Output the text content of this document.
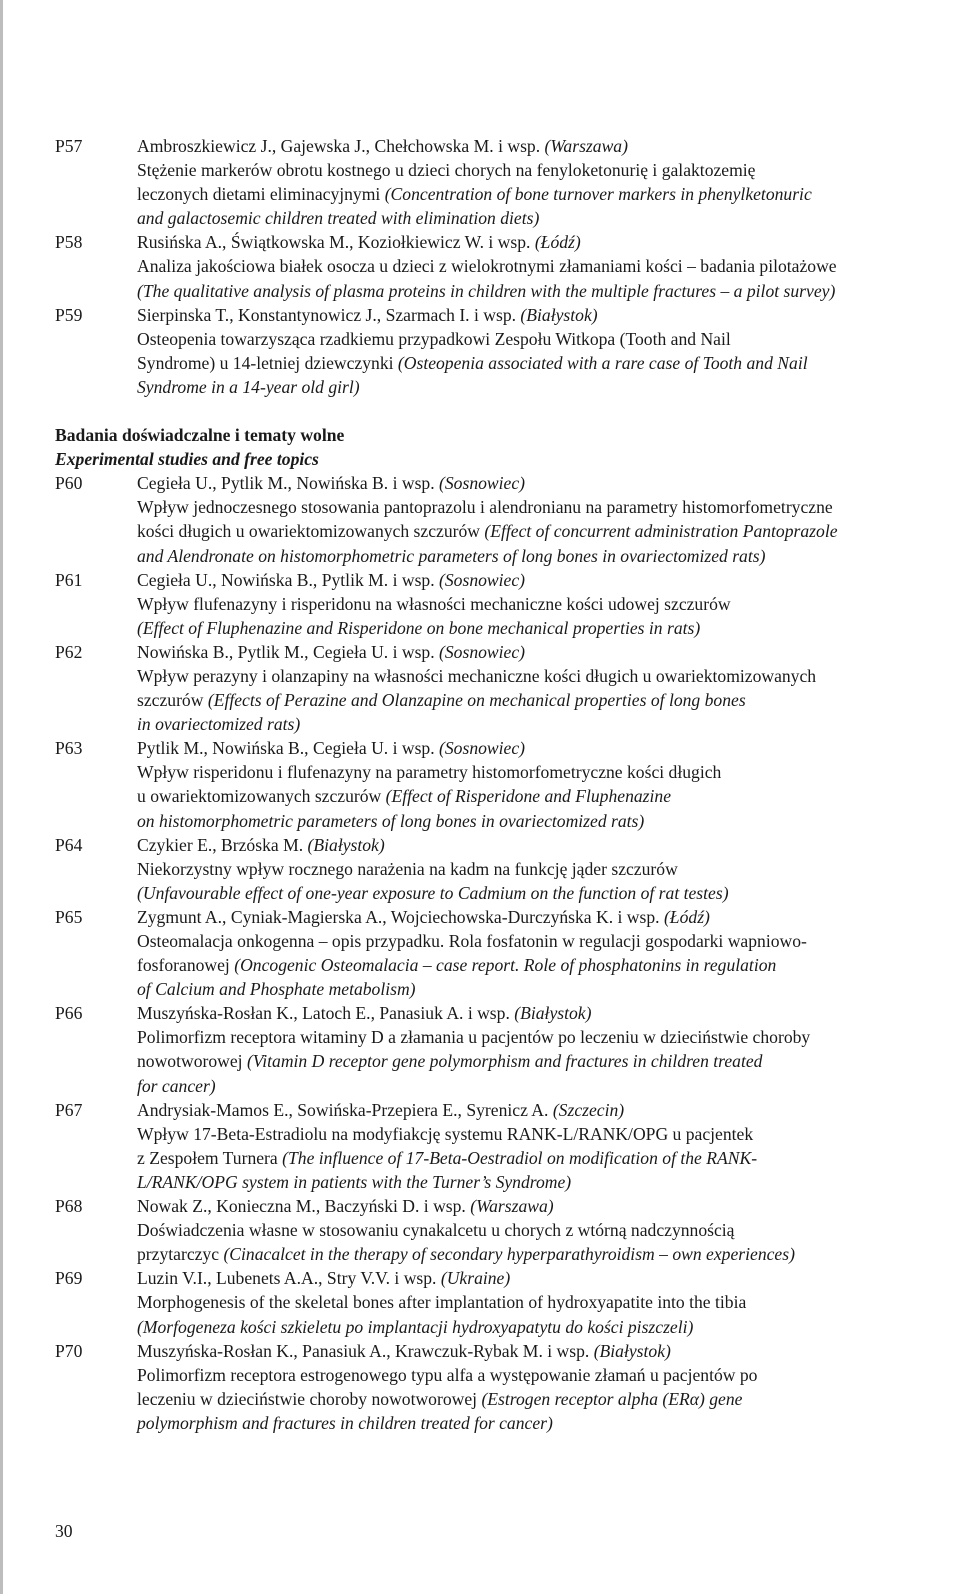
P57	Ambroszkiewicz J., Gajewska J., Chełchowska M. i wsp. (Warszawa)
Stężenie markerów obrotu kostnego u dzieci chorych na fenyloketonurię i galaktozemię
leczonych dietami eliminacyjnymi (Concentration of bone turnover markers in phenylketonuric
and galactosemic children treated with elimination diets)
P58	Rusińska A., Świątkowska M., Koziołkiewicz W. i wsp. (Łódź)
Analiza jakościowa białek osocza u dzieci z wielokrotnymi złamaniami kości – badania pilotażowe
(The qualitative analysis of plasma proteins in children with the multiple fractures – a pilot survey)
P59	Sierpinska T., Konstantynowicz J., Szarmach I. i wsp. (Białystok)
Osteopenia towarzysząca rzadkiemu przypadkowi Zespołu Witkopa (Tooth and Nail
Syndrome) u 14-letniej dziewczynki (Osteopenia associated with a rare case of Tooth and Nail
Syndrome in a 14-year old girl)
Badania doświadczalne i tematy wolne
Experimental studies and free topics
P60	Cegieła U., Pytlik M., Nowińska B. i wsp. (Sosnowiec)
Wpływ jednoczesnego stosowania pantoprazolu i alendronianu na parametry histomorfometryczne
kości długich u owariektomizowanych szczurów (Effect of concurrent administration Pantoprazole
and Alendronate on histomorphometric parameters of long bones in ovariectomized rats)
P61	Cegieła U., Nowińska B., Pytlik M. i wsp. (Sosnowiec)
Wpływ flufenazyny i risperidonu na własności mechaniczne kości udowej szczurów
(Effect of Fluphenazine and Risperidone on bone mechanical properties in rats)
P62	Nowińska B., Pytlik M., Cegieła U. i wsp. (Sosnowiec)
Wpływ perazyny i olanzapiny na własności mechaniczne kości długich u owariektomizowanych
szczurów (Effects of Perazine and Olanzapine on mechanical properties of long bones
in ovariectomized rats)
P63	Pytlik M., Nowińska B., Cegieła U. i wsp. (Sosnowiec)
Wpływ risperidonu i flufenazyny na parametry histomorfometryczne kości długich
u owariektomizowanych szczurów (Effect of Risperidone and Fluphenazine
on histomorphometric parameters of long bones in ovariectomized rats)
P64	Czykier E., Brzóska M. (Białystok)
Niekorzystny wpływ rocznego narażenia na kadm na funkcję jąder szczurów
(Unfavourable effect of one-year exposure to Cadmium on the function of rat testes)
P65	Zygmunt A., Cyniak-Magierska A., Wojciechowska-Durczyńska K. i wsp. (Łódź)
Osteomalacja onkogenna – opis przypadku. Rola fosfatonin w regulacji gospodarki wapniowo-
fosforanowej (Oncogenic Osteomalacia – case report. Role of phosphatonins in regulation
of Calcium and Phosphate metabolism)
P66	Muszyńska-Rosłan K., Latoch E., Panasiuk A. i wsp. (Białystok)
Polimorfizm receptora witaminy D a złamania u pacjentów po leczeniu w dzieciństwie choroby
nowotworowej (Vitamin D receptor gene polymorphism and fractures in children treated
for cancer)
P67	Andrysiak-Mamos E., Sowińska-Przepiera E., Syrenicz A. (Szczecin)
Wpływ 17-Beta-Estradiolu na modyfiakcję systemu RANK-L/RANK/OPG u pacjentek
z Zespołem Turnera (The influence of 17-Beta-Oestradiol on modification of the RANK-
L/RANK/OPG system in patients with the Turner’s Syndrome)
P68	Nowak Z., Konieczna M., Baczyński D. i wsp. (Warszawa)
Doświadczenia własne w stosowaniu cynakalcetu u chorych z wtórną nadczynnością
przytarczyc (Cinacalcet in the therapy of secondary hyperparathyroidism – own experiences)
P69	Luzin V.I., Lubenets A.A., Stry V.V. i wsp. (Ukraine)
Morphogenesis of the skeletal bones after implantation of hydroxyapatite into the tibia
(Morfogeneza kości szkieletu po implantacji hydroxyapatytu do kości piszczeli)
P70	Muszyńska-Rosłan K., Panasiuk A., Krawczuk-Rybak M. i wsp. (Białystok)
Polimorfizm receptora estrogenowego typu alfa a występowanie złamań u pacjentów po
leczeniu w dzieciństwie choroby nowotworowej (Estrogen receptor alpha (ERα) gene
polymorphism and fractures in children treated for cancer)
30
